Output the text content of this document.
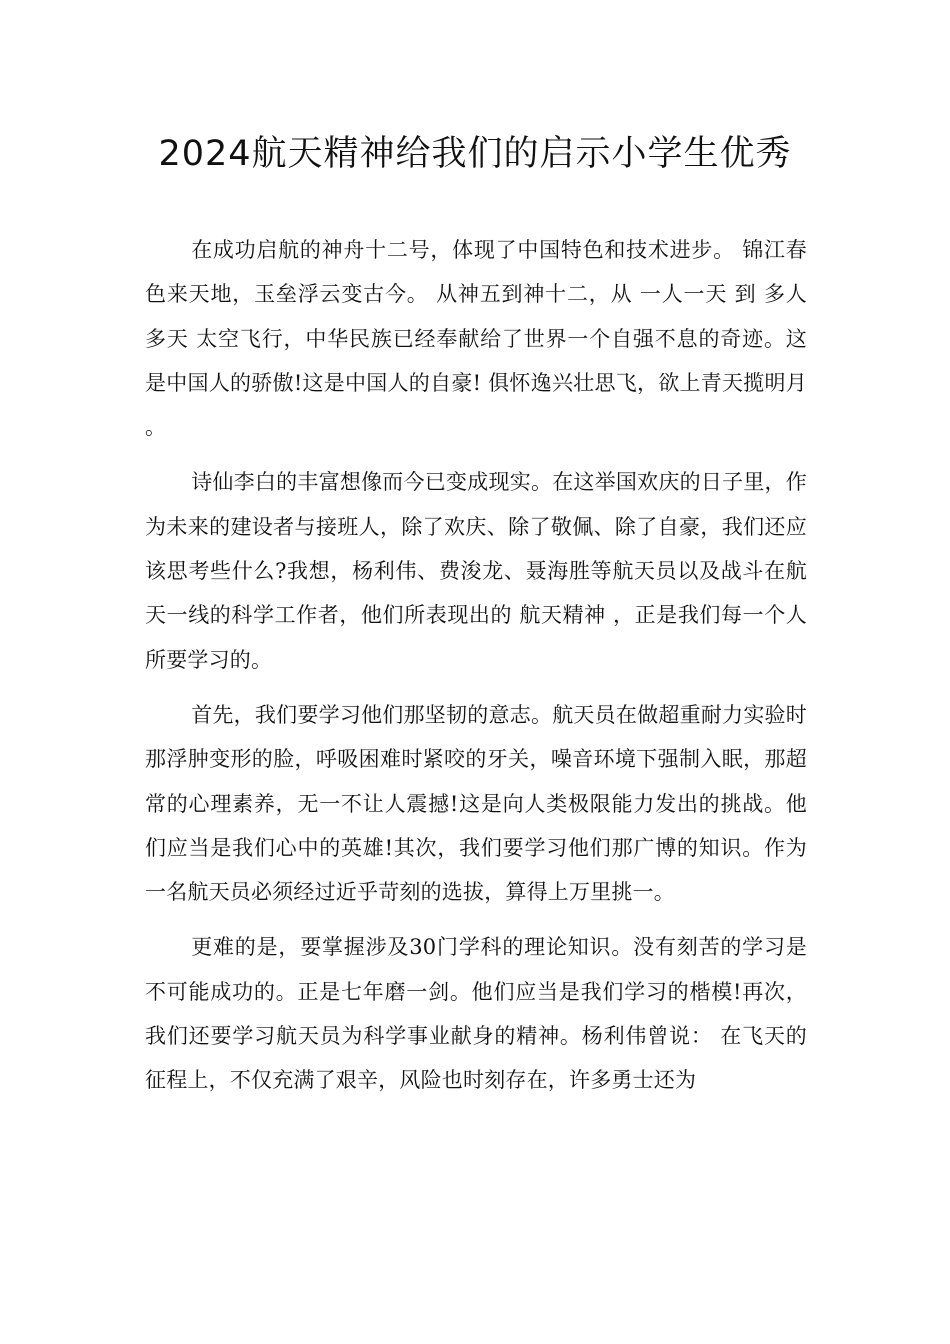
2024航天精神给我们的启示小学生优秀

在成功启航的神舟十二号，体现了中国特色和技术进步。 锦江春色来天地，玉垒浮云变古今。 从神五到神十二，从 一人一天 到 多人多天 太空飞行，中华民族已经奉献给了世界一个自强不息的奇迹。这是中国人的骄傲!这是中国人的自豪! 俱怀逸兴壮思飞，欲上青天揽明月 。

诗仙李白的丰富想像而今已变成现实。在这举国欢庆的日子里，作为未来的建设者与接班人，除了欢庆、除了敬佩、除了自豪，我们还应该思考些什么?我想，杨利伟、费浚龙、聂海胜等航天员以及战斗在航天一线的科学工作者，他们所表现出的 航天精神 ，正是我们每一个人所要学习的。

首先，我们要学习他们那坚韧的意志。航天员在做超重耐力实验时那浮肿变形的脸，呼吸困难时紧咬的牙关，噪音环境下强制入眠，那超常的心理素养，无一不让人震撼!这是向人类极限能力发出的挑战。他们应当是我们心中的英雄!其次，我们要学习他们那广博的知识。作为一名航天员必须经过近乎苛刻的选拔，算得上万里挑一。

更难的是，要掌握涉及30门学科的理论知识。没有刻苦的学习是不可能成功的。正是七年磨一剑。他们应当是我们学习的楷模!再次，我们还要学习航天员为科学事业献身的精神。杨利伟曾说： 在飞天的征程上，不仅充满了艰辛，风险也时刻存在，许多勇士还为
